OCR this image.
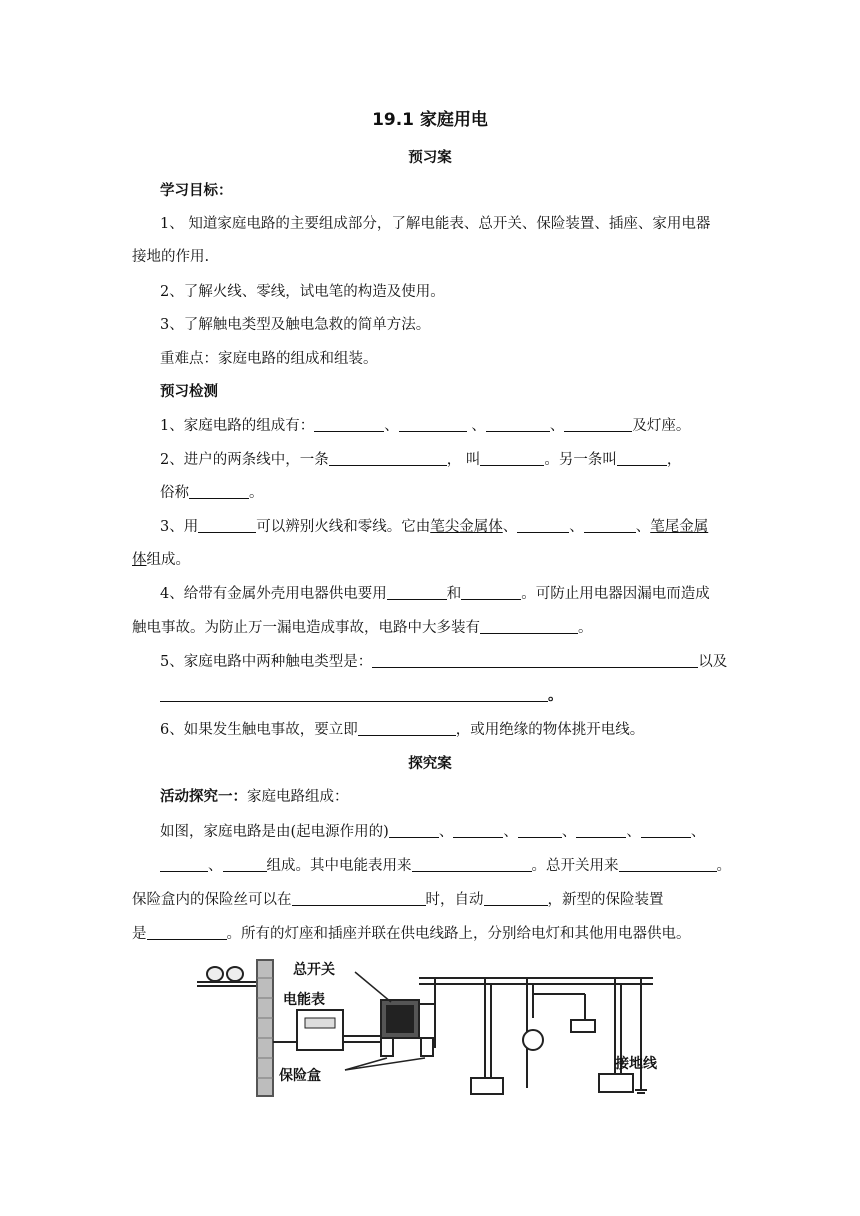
19.1 家庭用电
预习案
学习目标：
1、 知道家庭电路的主要组成部分，了解电能表、总开关、保险装置、插座、家用电器
接地的作用.
2、了解火线、零线，试电笔的构造及使用。
3、了解触电类型及触电急救的简单方法。
重难点：家庭电路的组成和组装。
预习检测
1、家庭电路的组成有：	、	、	、	及灯座。
2、进户的两条线中，一条	， 叫	。另一条叫	，
俗称	。
3、用	可以辨别火线和零线。它由笔尖金属体、	、	、笔尾金属
体组成。
4、给带有金属外壳用电器供电要用	和	。可防止用电器因漏电而造成
触电事故。为防止万一漏电造成事故，电路中大多装有	。
5、家庭电路中两种触电类型是：	以及
。
6、如果发生触电事故，要立即	，或用绝缘的物体挑开电线。
探究案
活动探究一：家庭电路组成：
如图，家庭电路是由(起电源作用的)	、	、	、	、	、
、	组成。其中电能表用来	。总开关用来	。
保险盒内的保险丝可以在	时，自动	，新型的保险装置
是	。所有的灯座和插座并联在供电线路上，分别给电灯和其他用电器供电。
总开关
电能表
保险盒
接地线
